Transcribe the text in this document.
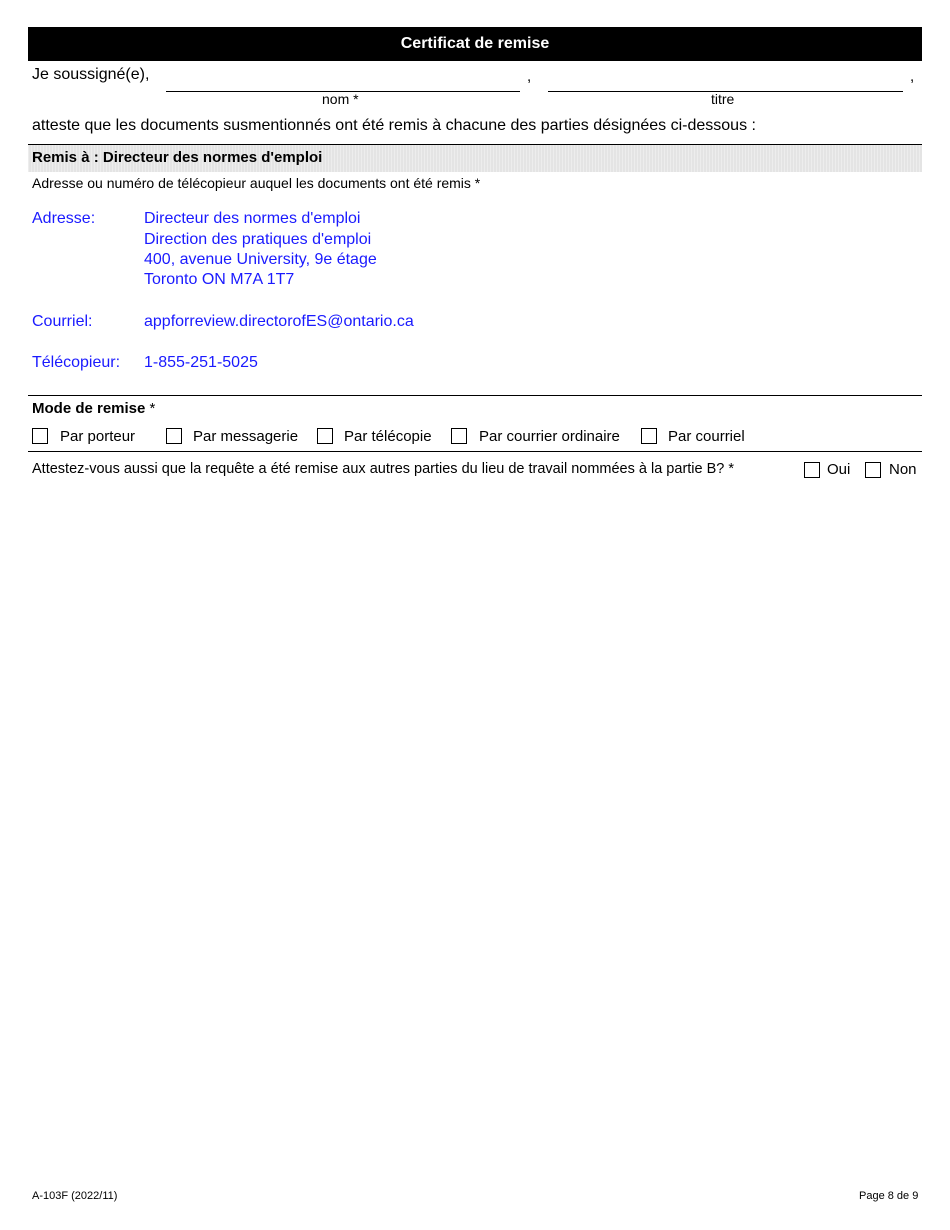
Certificat de remise
Je soussigné(e),
nom *
,
titre
,
atteste que les documents susmentionnés ont été remis à chacune des parties désignées ci-dessous :
Remis à : Directeur des normes d'emploi
Adresse ou numéro de télécopieur auquel les documents ont été remis *
Adresse:	Directeur des normes d'emploi
Direction des pratiques d'emploi
400, avenue University, 9e étage
Toronto ON M7A 1T7
Courriel:	appforreview.directorofES@ontario.ca
Télécopieur: 1-855-251-5025
Mode de remise *
Par porteur	Par messagerie	Par télécopie	Par courrier ordinaire	Par courriel
Attestez-vous aussi que la requête a été remise aux autres parties du lieu de travail nommées à la partie B? *	Oui	Non
A-103F (2022/11)	Page 8 de 9
